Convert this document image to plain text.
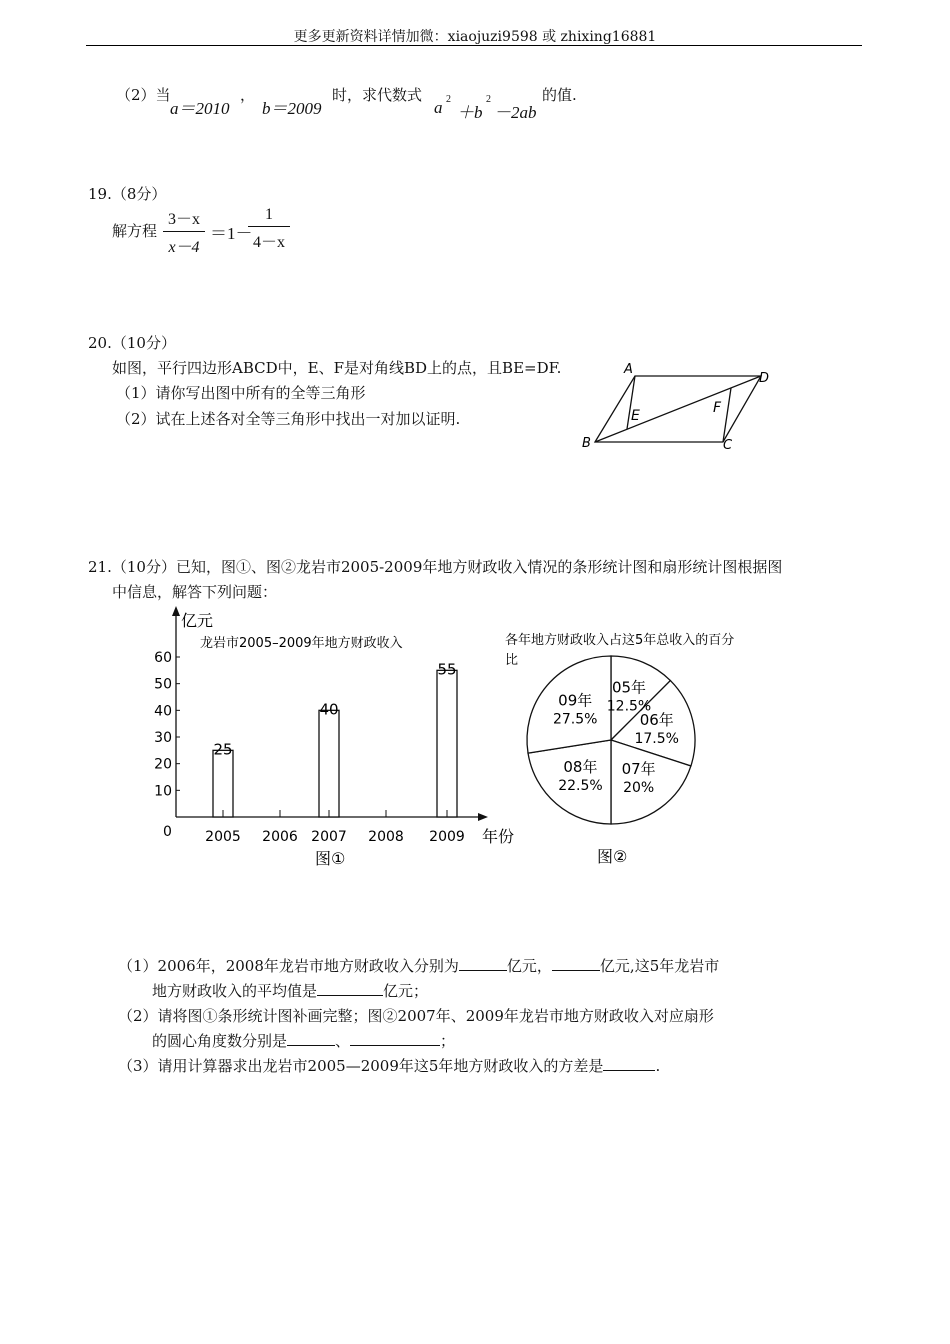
更多更新资料详情加微：xiaojuzi9598 或 zhixing16881
（2）当
a＝2010
，
b＝2009
时，求代数式
a 2
＋b
2
－2ab
的值.
19.（8分）
解方程
3－x
x－4
＝1－
1
4－x
20.（10分）
如图，平行四边形ABCD中，E、F是对角线BD上的点，且BE=DF.
（1）请你写出图中所有的全等三角形
（2）试在上述各对全等三角形中找出一对加以证明.
A
D
B	C
E	F
21.（10分）已知，图①、图②龙岩市2005-2009年地方财政收入情况的条形统计图和扇形统计图根据图
中信息，解答下列问题：
亿元
年份
0
龙岩市2005–2009年地方财政收入
图①
10
20
30
40
50
60
25
40
55
2005 2006 2007 2008 2009
各年地方财政收入占这5年总收入的百分
比
05年
12.5%
06年
17.5%
07年
20%
08年
22.5%
09年
27.5%
图②
（1）2006年，2008年龙岩市地方财政收入分别为	亿元，	亿元,这5年龙岩市
地方财政收入的平均值是	亿元；
（2）请将图①条形统计图补画完整；图②2007年、2009年龙岩市地方财政收入对应扇形
的圆心角度数分别是	、	；
（3）请用计算器求出龙岩市2005—2009年这5年地方财政收入的方差是	.
